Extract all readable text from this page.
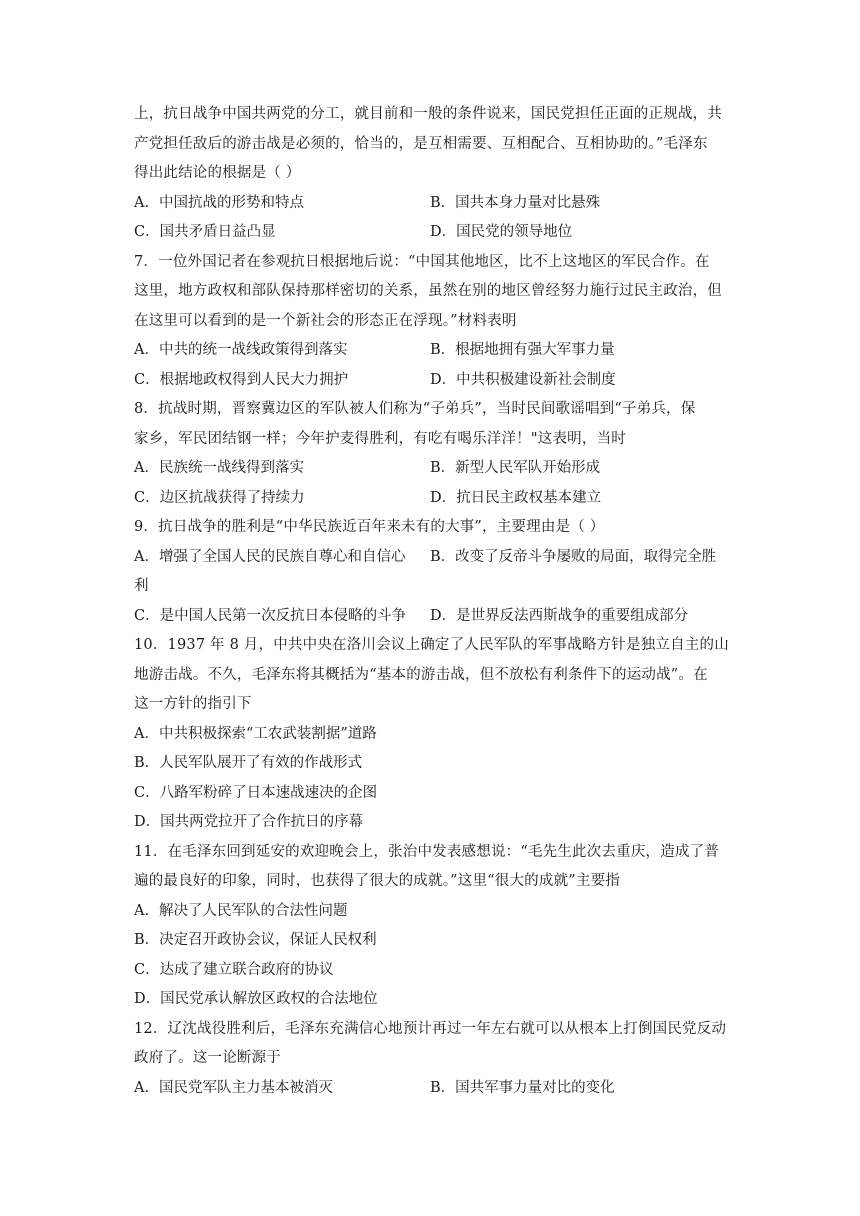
上，抗日战争中国共两党的分工，就目前和一般的条件说来，国民党担任正面的正规战，共
产党担任敌后的游击战是必须的，恰当的，是互相需要、互相配合、互相协助的。”毛泽东
得出此结论的根据是（ ）
A．中国抗战的形势和特点	B．国共本身力量对比悬殊
C．国共矛盾日益凸显	D．国民党的领导地位
7．一位外国记者在参观抗日根据地后说：“中国其他地区，比不上这地区的军民合作。在
这里，地方政权和部队保持那样密切的关系，虽然在别的地区曾经努力施行过民主政治，但
在这里可以看到的是一个新社会的形态正在浮现。”材料表明
A．中共的统一战线政策得到落实	B．根据地拥有强大军事力量
C．根据地政权得到人民大力拥护	D．中共积极建设新社会制度
8．抗战时期，晋察冀边区的军队被人们称为“子弟兵”，当时民间歌谣唱到“子弟兵，保
家乡，军民团结钢一样；今年护麦得胜利，有吃有喝乐洋洋！"这表明，当时
A．民族统一战线得到落实	B．新型人民军队开始形成
C．边区抗战获得了持续力	D．抗日民主政权基本建立
9．抗日战争的胜利是“中华民族近百年来未有的大事”，主要理由是（ ）
A．增强了全国人民的民族自尊心和自信心	B．改变了反帝斗争屡败的局面，取得完全胜
利
C．是中国人民第一次反抗日本侵略的斗争	D．是世界反法西斯战争的重要组成部分
10．1937 年 8 月，中共中央在洛川会议上确定了人民军队的军事战略方针是独立自主的山
地游击战。不久，毛泽东将其概括为“基本的游击战，但不放松有利条件下的运动战”。在
这一方针的指引下
A．中共积极探索“工农武装割据”道路
B．人民军队展开了有效的作战形式
C．八路军粉碎了日本速战速决的企图
D．国共两党拉开了合作抗日的序幕
11．在毛泽东回到延安的欢迎晚会上，张治中发表感想说：“毛先生此次去重庆，造成了普
遍的最良好的印象，同时，也获得了很大的成就。”这里“很大的成就”主要指
A．解决了人民军队的合法性问题
B．决定召开政协会议，保证人民权利
C．达成了建立联合政府的协议
D．国民党承认解放区政权的合法地位
12．辽沈战役胜利后，毛泽东充满信心地预计再过一年左右就可以从根本上打倒国民党反动
政府了。这一论断源于
A．国民党军队主力基本被消灭	B．国共军事力量对比的变化
